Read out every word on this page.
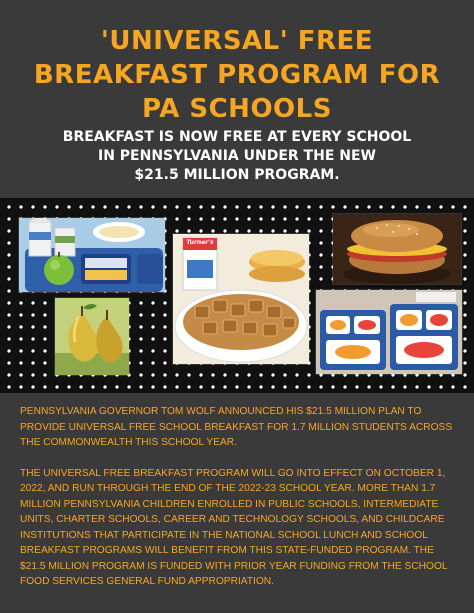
'UNIVERSAL' FREE
BREAKFAST PROGRAM FOR
PA SCHOOLS
BREAKFAST IS NOW FREE AT EVERY SCHOOL
IN PENNSYLVANIA UNDER THE NEW
$21.5 MILLION PROGRAM.
Turner's

PENNSYLVANIA GOVERNOR TOM WOLF ANNOUNCED HIS $21.5 MILLION PLAN TO PROVIDE UNIVERSAL FREE SCHOOL BREAKFAST FOR 1.7 MILLION STUDENTS ACROSS THE COMMONWEALTH THIS SCHOOL YEAR.

THE UNIVERSAL FREE BREAKFAST PROGRAM WILL GO INTO EFFECT ON OCTOBER 1, 2022, AND RUN THROUGH THE END OF THE 2022-23 SCHOOL YEAR. MORE THAN 1.7 MILLION PENNSYLVANIA CHILDREN ENROLLED IN PUBLIC SCHOOLS, INTERMEDIATE UNITS, CHARTER SCHOOLS, CAREER AND TECHNOLOGY SCHOOLS, AND CHILDCARE INSTITUTIONS THAT PARTICIPATE IN THE NATIONAL SCHOOL LUNCH AND SCHOOL BREAKFAST PROGRAMS WILL BENEFIT FROM THIS STATE-FUNDED PROGRAM. THE $21.5 MILLION PROGRAM IS FUNDED WITH PRIOR YEAR FUNDING FROM THE SCHOOL FOOD SERVICES GENERAL FUND APPROPRIATION.
